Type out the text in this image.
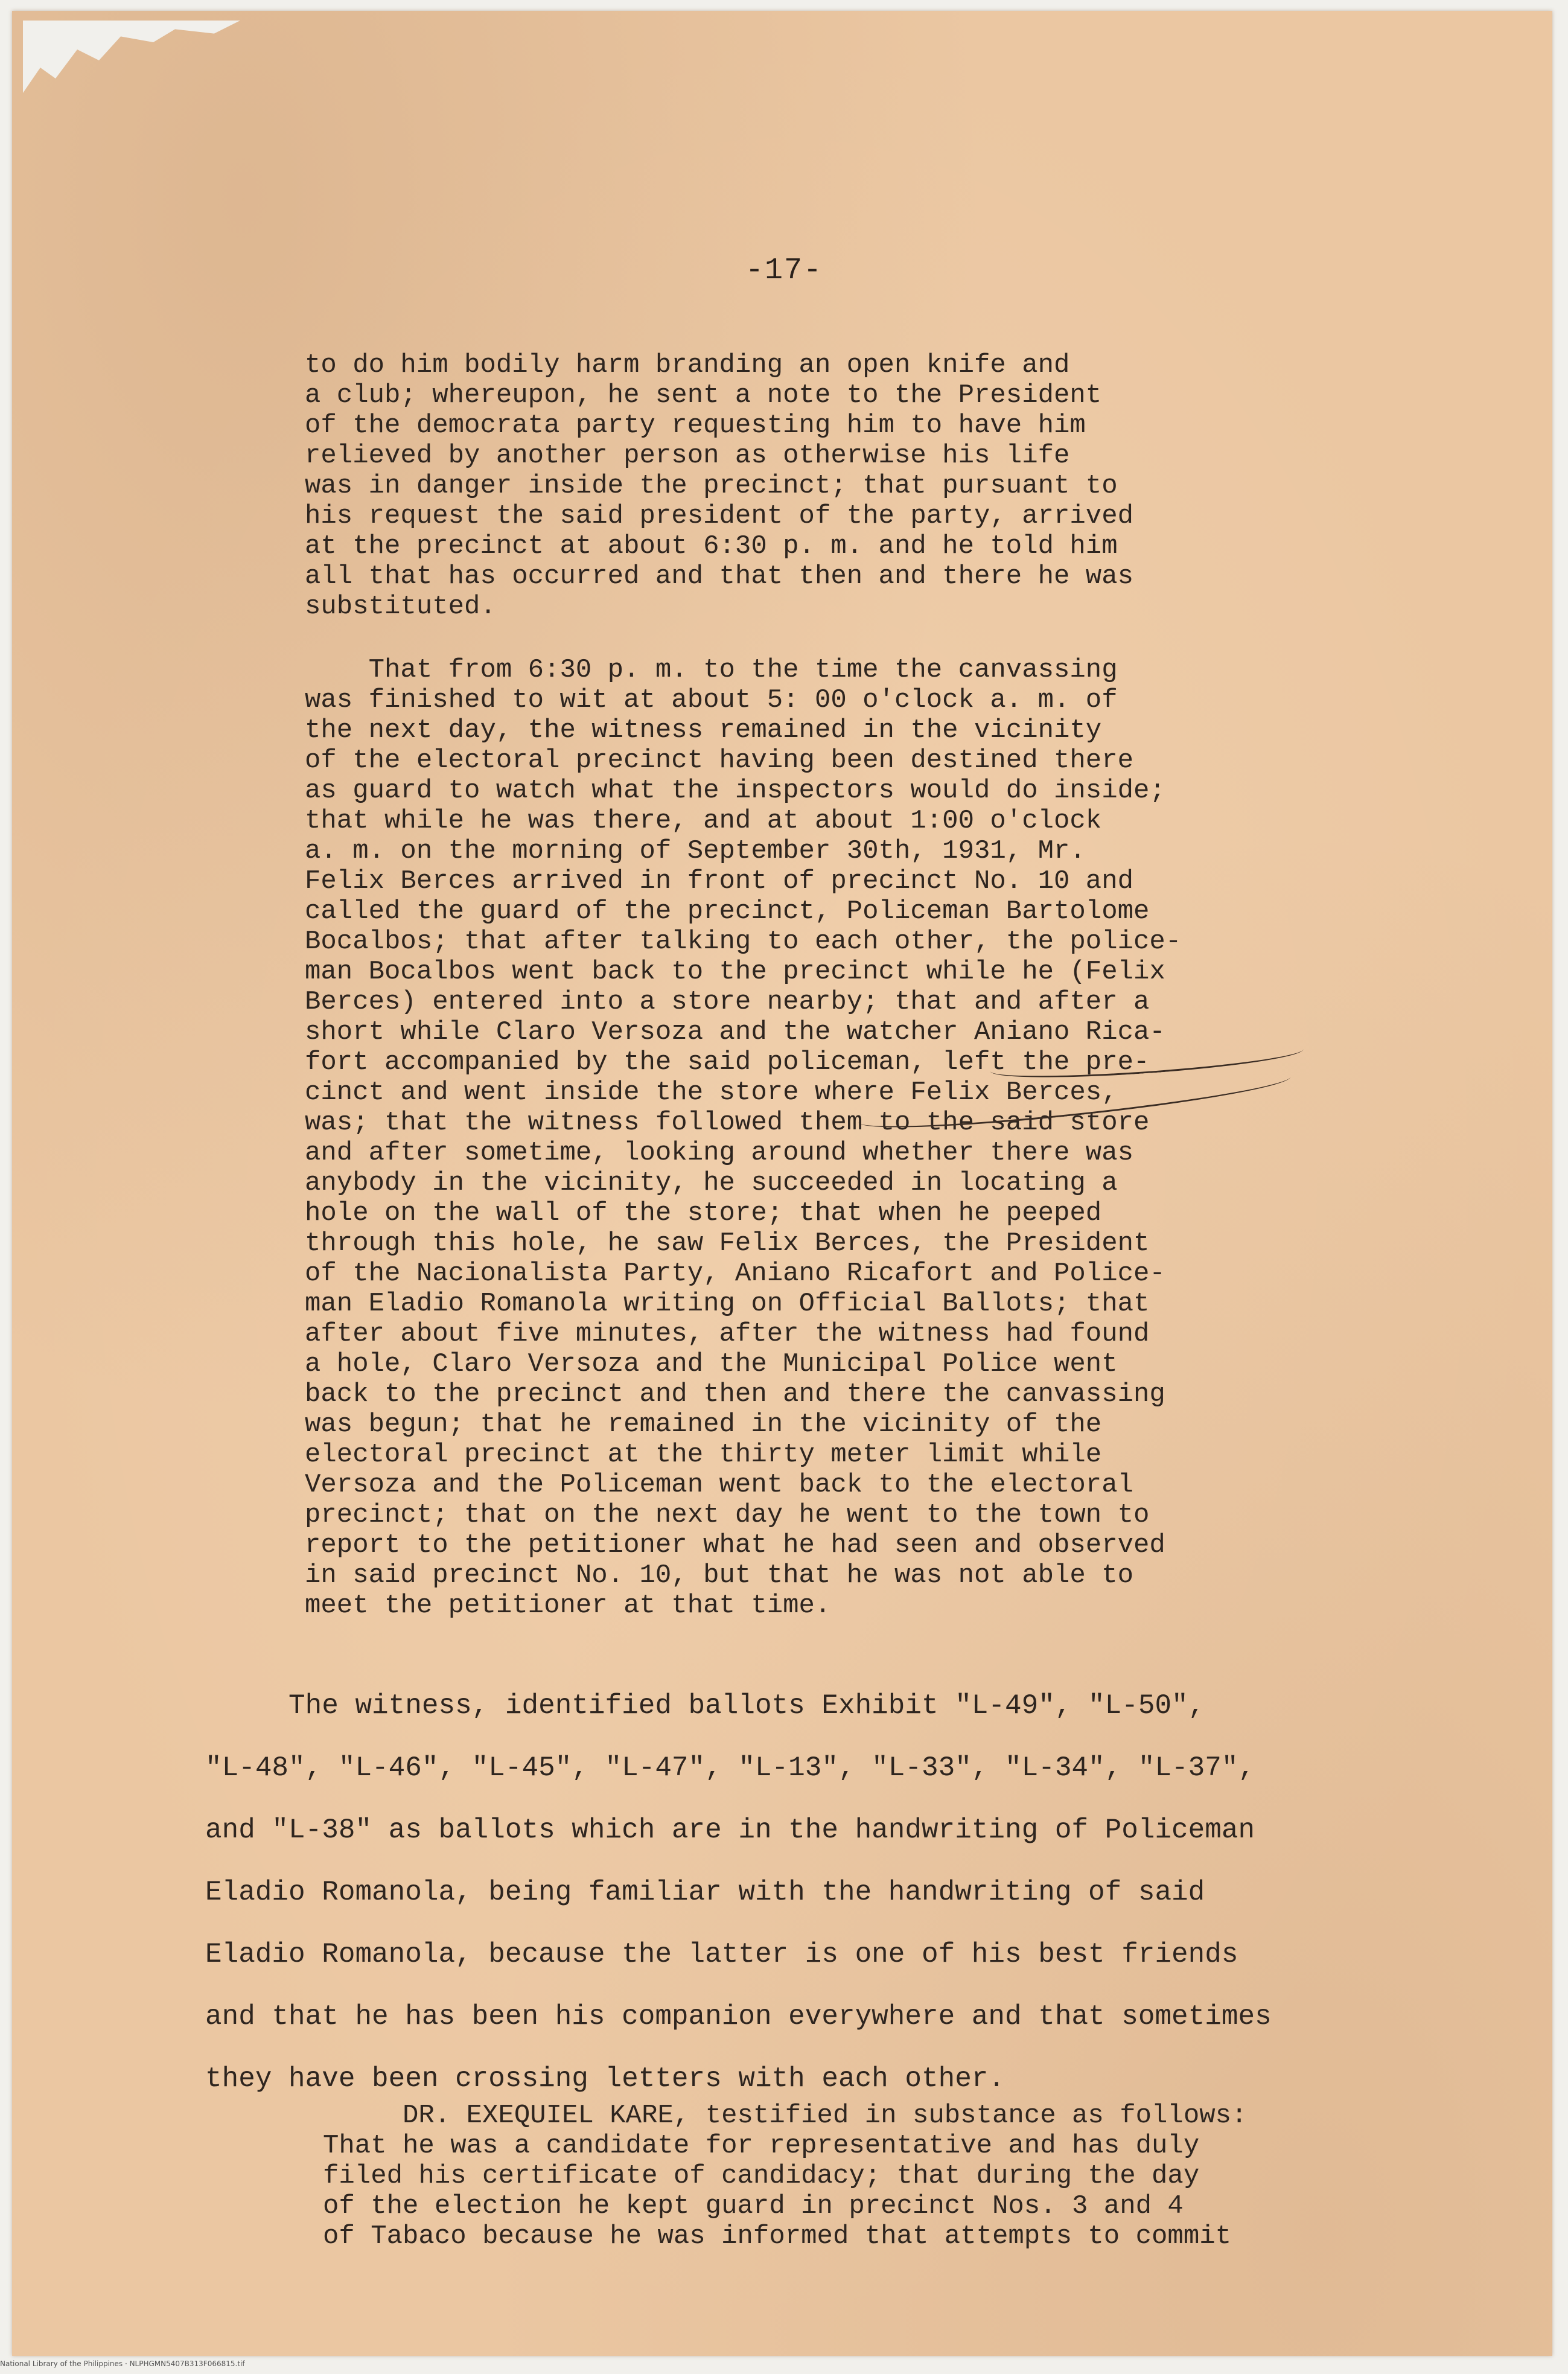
-17-
to do him bodily harm branding an open knife and
a club; whereupon, he sent a note to the President
of the democrata party requesting him to have him
relieved by another person as otherwise his life
was in danger inside the precinct; that pursuant to
his request the said president of the party, arrived
at the precinct at about 6:30 p. m. and he told him
all that has occurred and that then and there he was
substituted.
That from 6:30 p. m. to the time the canvassing
was finished to wit at about 5: 00 o'clock a. m. of
the next day, the witness remained in the vicinity
of the electoral precinct having been destined there
as guard to watch what the inspectors would do inside;
that while he was there, and at about 1:00 o'clock
a. m. on the morning of September 30th, 1931, Mr.
Felix Berces arrived in front of precinct No. 10 and
called the guard of the precinct, Policeman Bartolome
Bocalbos; that after talking to each other, the police-
man Bocalbos went back to the precinct while he (Felix
Berces) entered into a store nearby; that and after a
short while Claro Versoza and the watcher Aniano Rica-
fort accompanied by the said policeman, left the pre-
cinct and went inside the store where Felix Berces,
was; that the witness followed them to the said store
and after sometime, looking around whether there was
anybody in the vicinity, he succeeded in locating a
hole on the wall of the store; that when he peeped
through this hole, he saw Felix Berces, the President
of the Nacionalista Party, Aniano Ricafort and Police-
man Eladio Romanola writing on Official Ballots; that
after about five minutes, after the witness had found
a hole, Claro Versoza and the Municipal Police went
back to the precinct and then and there the canvassing
was begun; that he remained in the vicinity of the
electoral precinct at the thirty meter limit while
Versoza and the Policeman went back to the electoral
precinct; that on the next day he went to the town to
report to the petitioner what he had seen and observed
in said precinct No. 10, but that he was not able to
meet the petitioner at that time.
The witness, identified ballots Exhibit "L-49", "L-50",
"L-48", "L-46", "L-45", "L-47", "L-13", "L-33", "L-34", "L-37",
and "L-38" as ballots which are in the handwriting of Policeman
Eladio Romanola, being familiar with the handwriting of said
Eladio Romanola, because the latter is one of his best friends
and that he has been his companion everywhere and that sometimes
they have been crossing letters with each other.
DR. EXEQUIEL KARE, testified in substance as follows:
That he was a candidate for representative and has duly
filed his certificate of candidacy; that during the day
of the election he kept guard in precinct Nos. 3 and 4
of Tabaco because he was informed that attempts to commit
National Library of the Philippines · NLPHGMN5407B313F066815.tif
